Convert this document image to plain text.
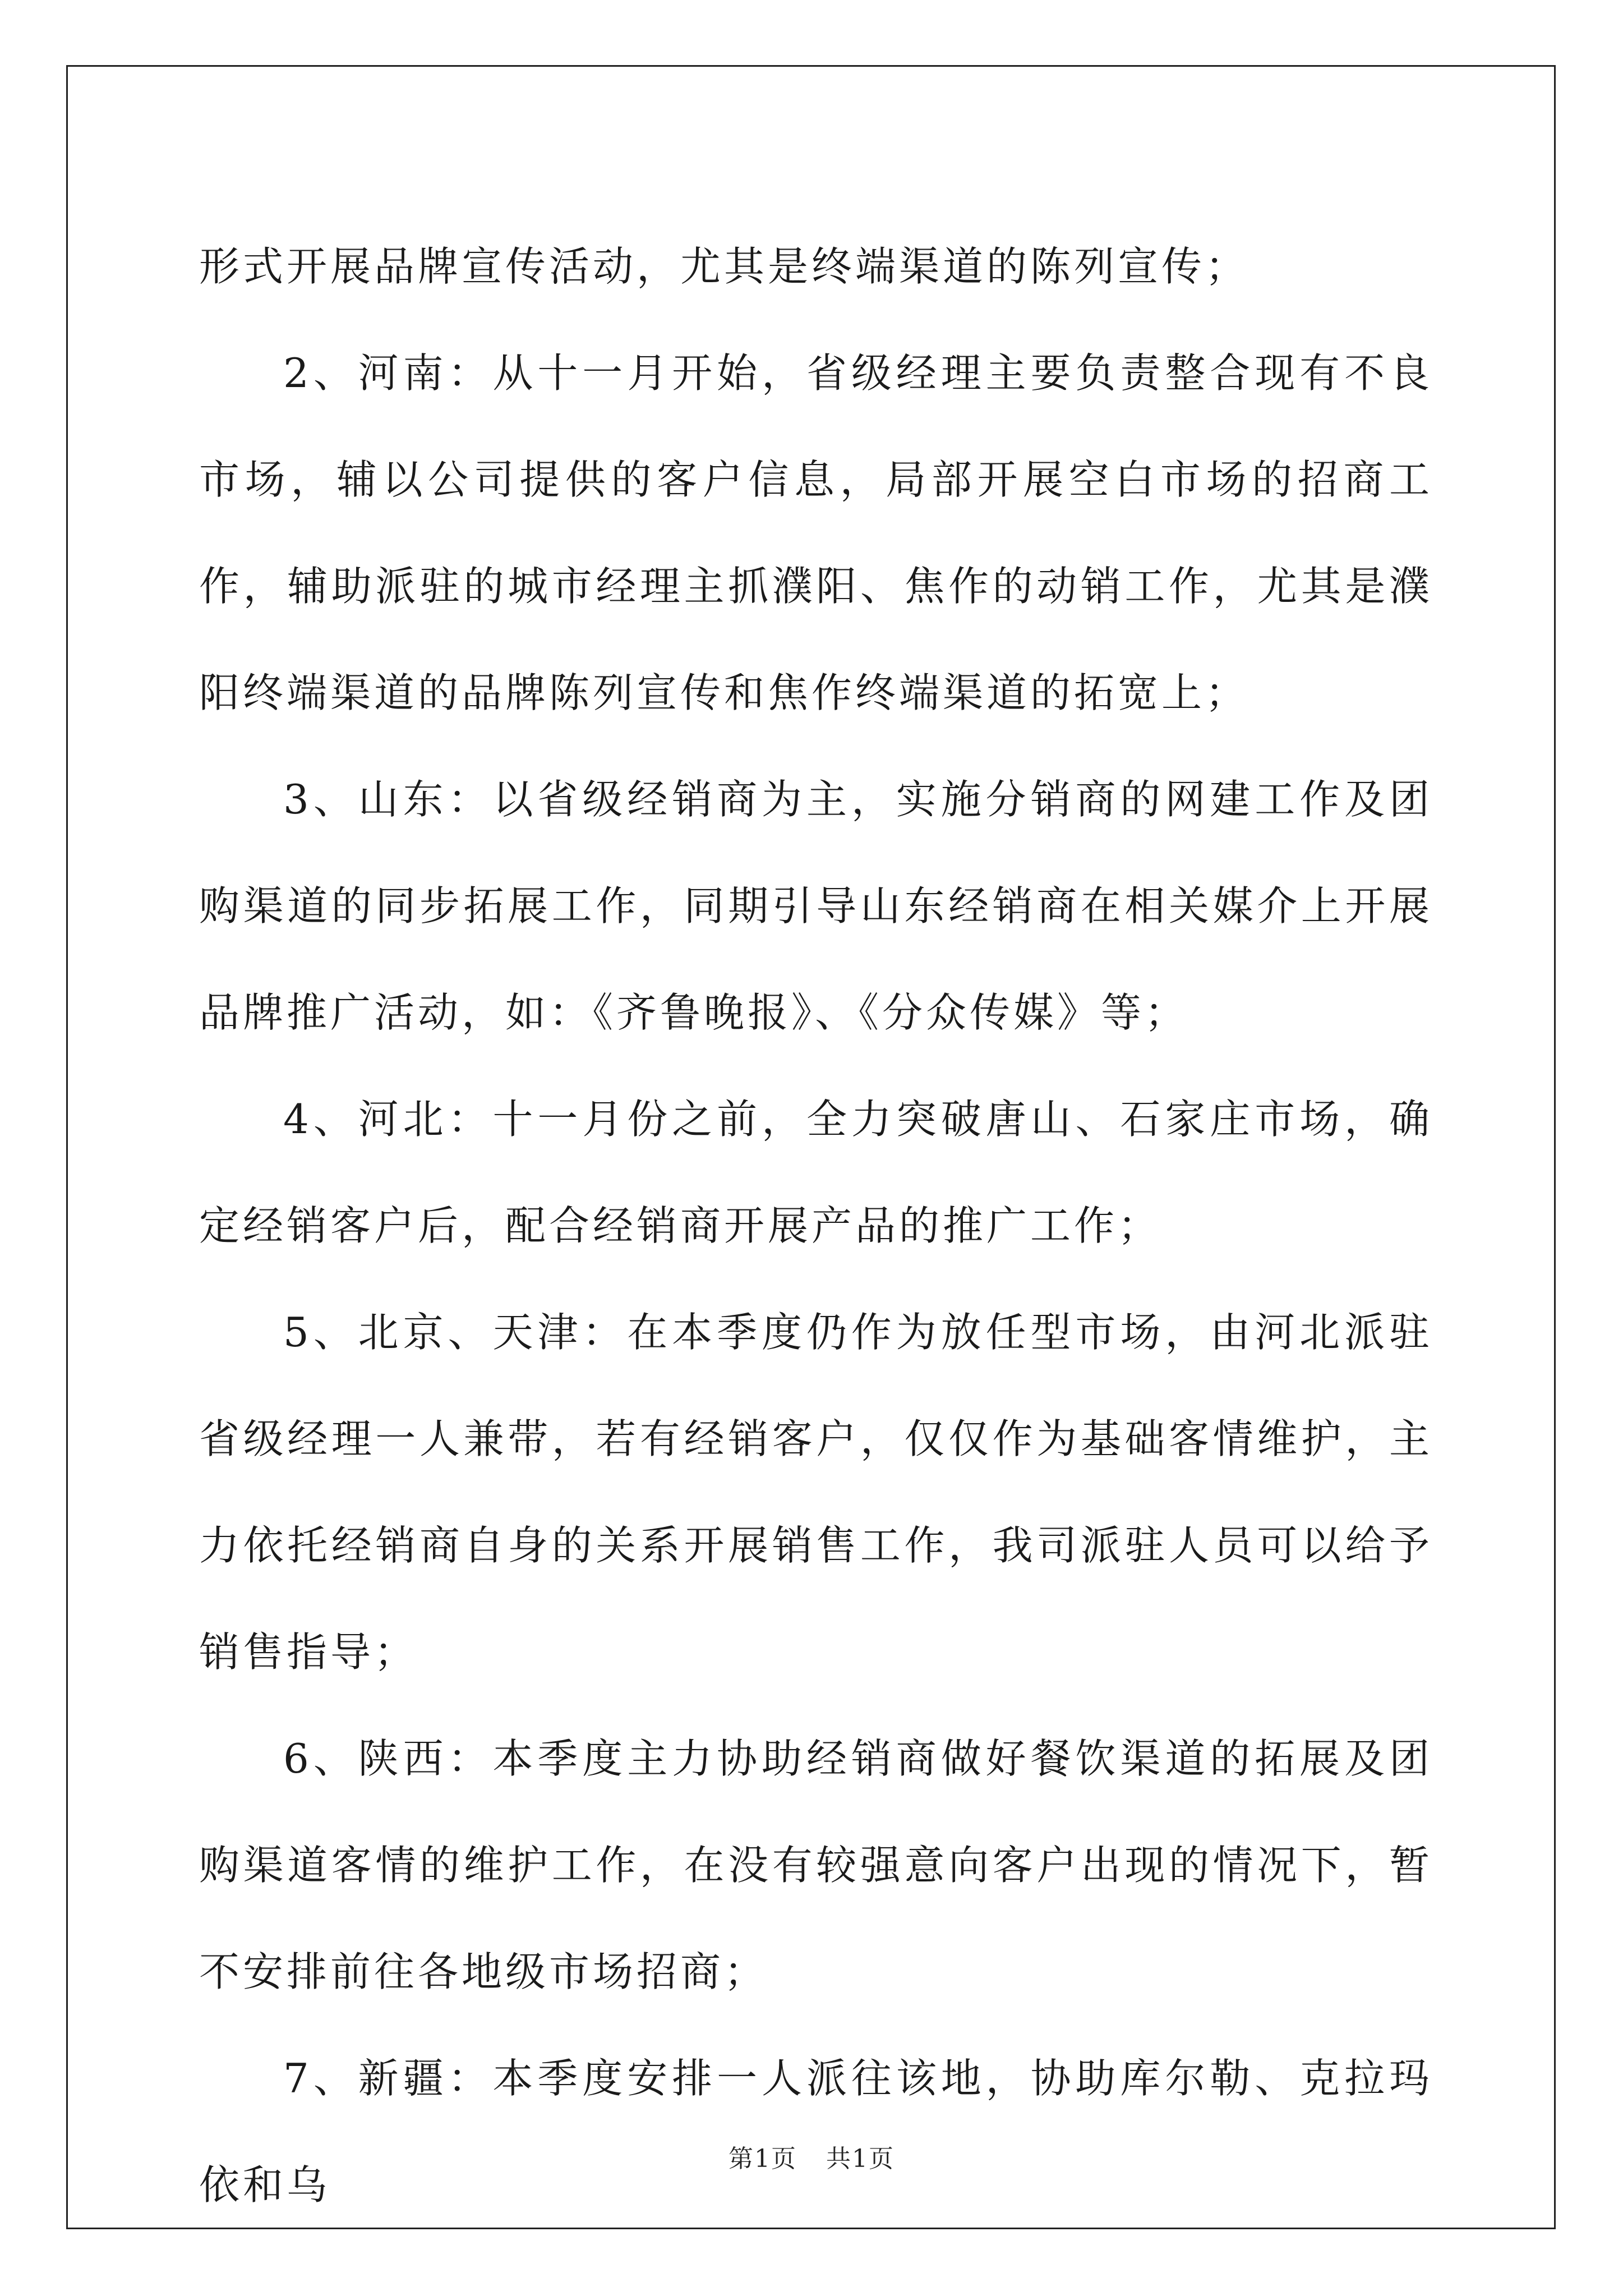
形式开展品牌宣传活动，尤其是终端渠道的陈列宣传；

2、河南：从十一月开始，省级经理主要负责整合现有不良市场，辅以公司提供的客户信息，局部开展空白市场的招商工作，辅助派驻的城市经理主抓濮阳、焦作的动销工作，尤其是濮阳终端渠道的品牌陈列宣传和焦作终端渠道的拓宽上；

3、山东：以省级经销商为主，实施分销商的网建工作及团购渠道的同步拓展工作，同期引导山东经销商在相关媒介上开展品牌推广活动，如：《齐鲁晚报》、《分众传媒》等；

4、河北：十一月份之前，全力突破唐山、石家庄市场，确定经销客户后，配合经销商开展产品的推广工作；

5、北京、天津：在本季度仍作为放任型市场，由河北派驻省级经理一人兼带，若有经销客户，仅仅作为基础客情维护，主力依托经销商自身的关系开展销售工作，我司派驻人员可以给予销售指导；

6、陕西：本季度主力协助经销商做好餐饮渠道的拓展及团购渠道客情的维护工作，在没有较强意向客户出现的情况下，暂不安排前往各地级市场招商；

7、新疆：本季度安排一人派往该地，协助库尔勒、克拉玛依和乌

第1页 共1页
